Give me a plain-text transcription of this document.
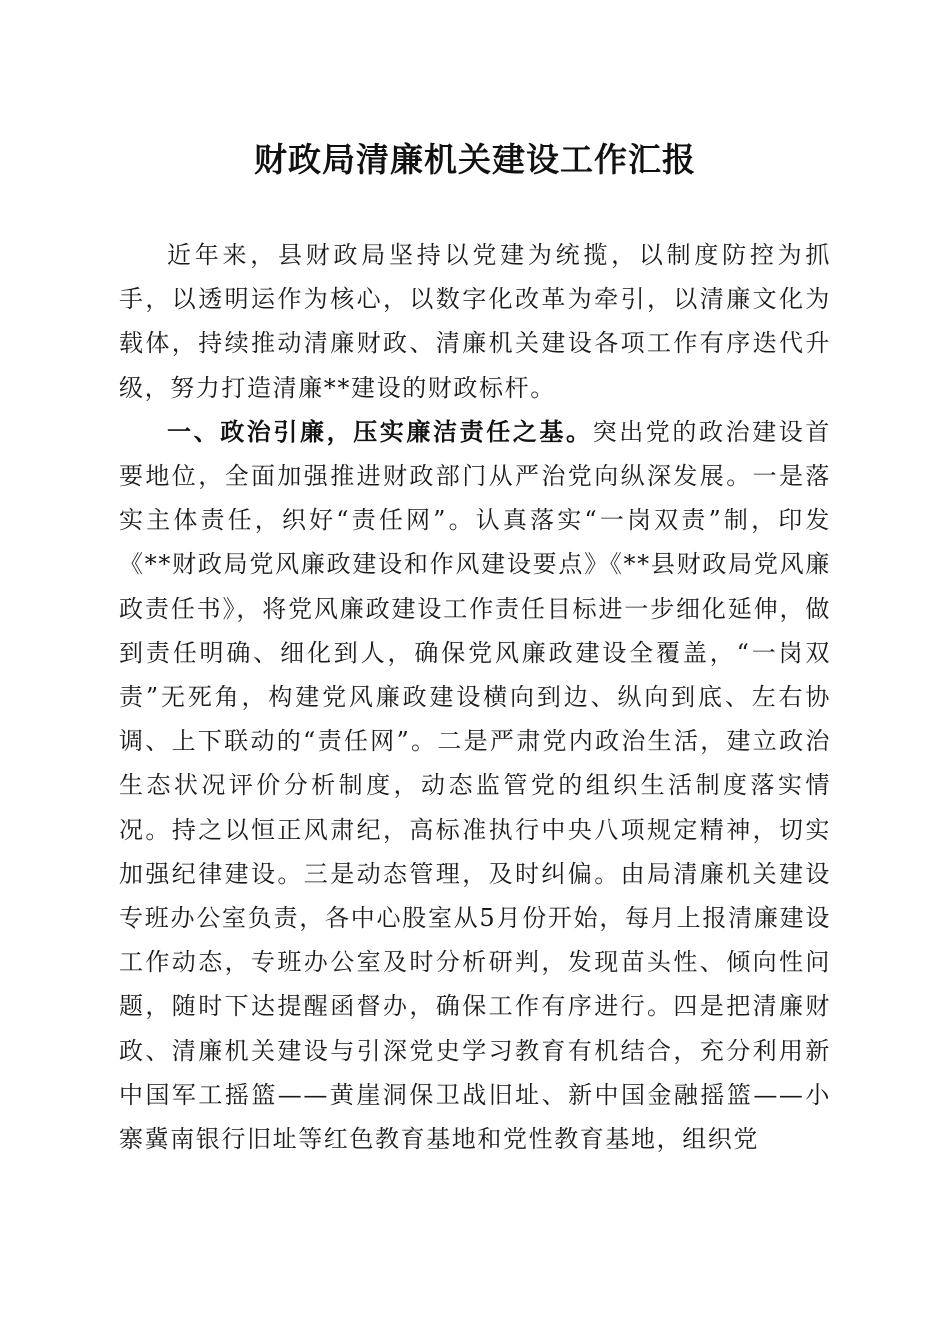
财政局清廉机关建设工作汇报

近年来，县财政局坚持以党建为统揽，以制度防控为抓手，以透明运作为核心，以数字化改革为牵引，以清廉文化为载体，持续推动清廉财政、清廉机关建设各项工作有序迭代升级，努力打造清廉**建设的财政标杆。

一、政治引廉，压实廉洁责任之基。突出党的政治建设首要地位，全面加强推进财政部门从严治党向纵深发展。一是落实主体责任，织好“责任网”。认真落实“一岗双责”制，印发《**财政局党风廉政建设和作风建设要点》《**县财政局党风廉政责任书》，将党风廉政建设工作责任目标进一步细化延伸，做到责任明确、细化到人，确保党风廉政建设全覆盖，“一岗双责”无死角，构建党风廉政建设横向到边、纵向到底、左右协调、上下联动的“责任网”。二是严肃党内政治生活，建立政治生态状况评价分析制度，动态监管党的组织生活制度落实情况。持之以恒正风肃纪，高标准执行中央八项规定精神，切实加强纪律建设。三是动态管理，及时纠偏。由局清廉机关建设专班办公室负责，各中心股室从5月份开始，每月上报清廉建设工作动态，专班办公室及时分析研判，发现苗头性、倾向性问题，随时下达提醒函督办，确保工作有序进行。四是把清廉财政、清廉机关建设与引深党史学习教育有机结合，充分利用新中国军工摇篮——黄崖洞保卫战旧址、新中国金融摇篮——小寨冀南银行旧址等红色教育基地和党性教育基地，组织党
